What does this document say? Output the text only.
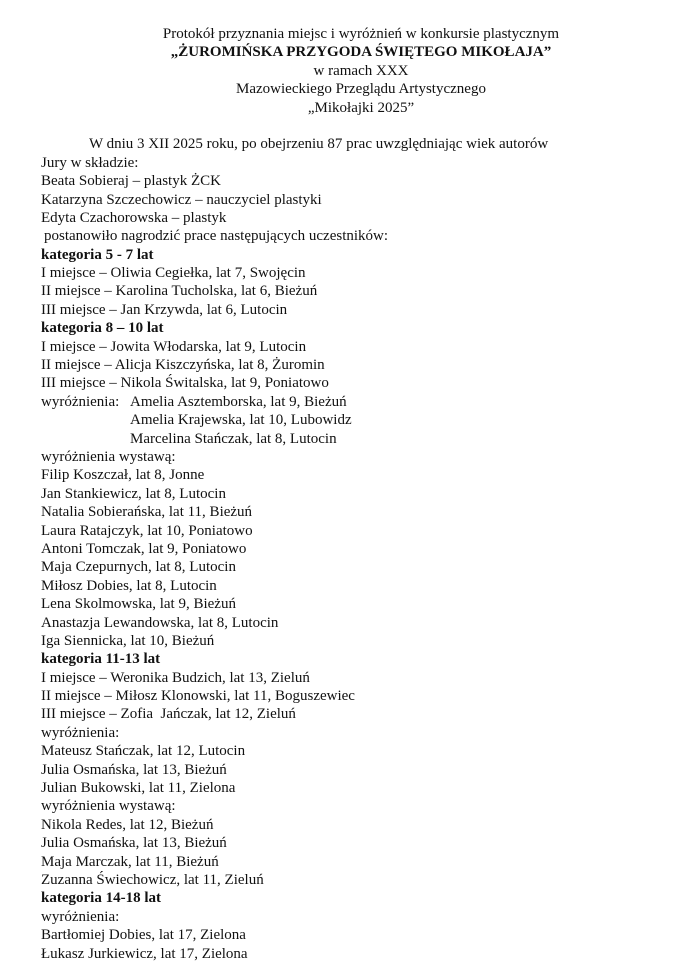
Protokół przyznania miejsc i wyróżnień w konkursie plastycznym
„ŻUROMIŃSKA PRZYGODA ŚWIĘTEGO MIKOŁAJA”
w ramach XXX
Mazowieckiego Przeglądu Artystycznego
„Mikołajki 2025”
W dniu 3 XII 2025 roku, po obejrzeniu 87 prac uwzględniając wiek autorów
Jury w składzie:
Beata Sobieraj – plastyk ŻCK
Katarzyna Szczechowicz – nauczyciel plastyki
Edyta Czachorowska – plastyk
postanowiło nagrodzić prace następujących uczestników:
kategoria 5 - 7 lat
I miejsce – Oliwia Cegiełka, lat 7, Swojęcin
II miejsce – Karolina Tucholska, lat 6, Bieżuń
III miejsce – Jan Krzywda, lat 6, Lutocin
kategoria 8 – 10 lat
I miejsce – Jowita Włodarska, lat 9, Lutocin
II miejsce – Alicja Kiszczyńska, lat 8, Żuromin
III miejsce – Nikola Świtalska, lat 9, Poniatowo
wyróżnienia: Amelia Asztemborska, lat 9, Bieżuń
Amelia Krajewska, lat 10, Lubowidz
Marcelina Stańczak, lat 8, Lutocin
wyróżnienia wystawą:
Filip Koszczał, lat 8, Jonne
Jan Stankiewicz, lat 8, Lutocin
Natalia Sobierańska, lat 11, Bieżuń
Laura Ratajczyk, lat 10, Poniatowo
Antoni Tomczak, lat 9, Poniatowo
Maja Czepurnych, lat 8, Lutocin
Miłosz Dobies, lat 8, Lutocin
Lena Skolmowska, lat 9, Bieżuń
Anastazja Lewandowska, lat 8, Lutocin
Iga Siennicka, lat 10, Bieżuń
kategoria 11-13 lat
I miejsce – Weronika Budzich, lat 13, Zieluń
II miejsce – Miłosz Klonowski, lat 11, Boguszewiec
III miejsce – Zofia  Jańczak, lat 12, Zieluń
wyróżnienia:
Mateusz Stańczak, lat 12, Lutocin
Julia Osmańska, lat 13, Bieżuń
Julian Bukowski, lat 11, Zielona
wyróżnienia wystawą:
Nikola Redes, lat 12, Bieżuń
Julia Osmańska, lat 13, Bieżuń
Maja Marczak, lat 11, Bieżuń
Zuzanna Świechowicz, lat 11, Zieluń
kategoria 14-18 lat
wyróżnienia:
Bartłomiej Dobies, lat 17, Zielona
Łukasz Jurkiewicz, lat 17, Zielona
